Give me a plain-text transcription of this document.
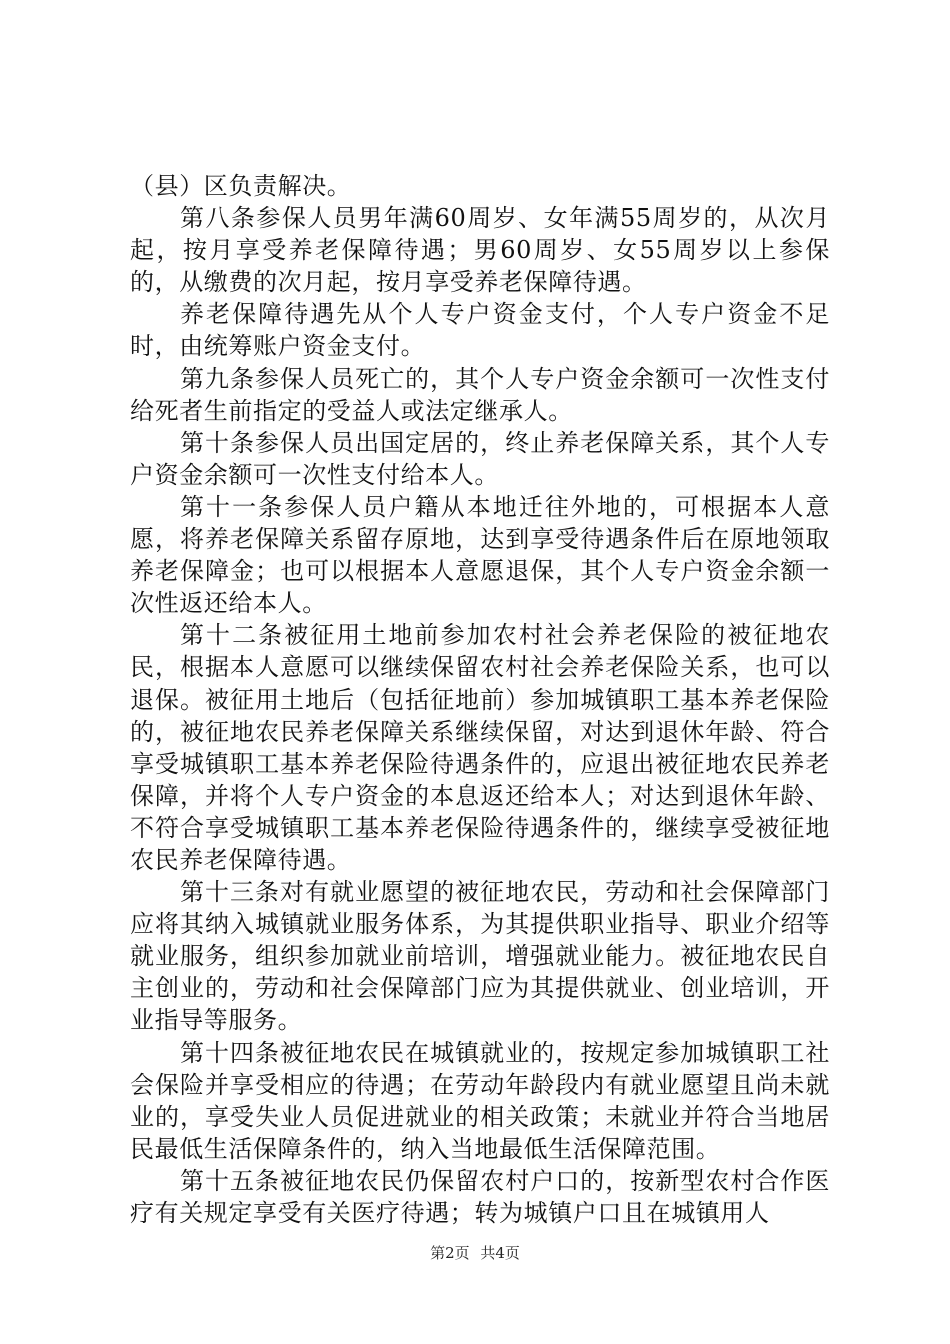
（县）区负责解决。

第八条参保人员男年满60周岁、女年满55周岁的，从次月起，按月享受养老保障待遇；男60周岁、女55周岁以上参保的，从缴费的次月起，按月享受养老保障待遇。

养老保障待遇先从个人专户资金支付，个人专户资金不足时，由统筹账户资金支付。

第九条参保人员死亡的，其个人专户资金余额可一次性支付给死者生前指定的受益人或法定继承人。

第十条参保人员出国定居的，终止养老保障关系，其个人专户资金余额可一次性支付给本人。

第十一条参保人员户籍从本地迁往外地的，可根据本人意愿，将养老保障关系留存原地，达到享受待遇条件后在原地领取养老保障金；也可以根据本人意愿退保，其个人专户资金余额一次性返还给本人。

第十二条被征用土地前参加农村社会养老保险的被征地农民，根据本人意愿可以继续保留农村社会养老保险关系，也可以退保。被征用土地后（包括征地前）参加城镇职工基本养老保险的，被征地农民养老保障关系继续保留，对达到退休年龄、符合享受城镇职工基本养老保险待遇条件的，应退出被征地农民养老保障，并将个人专户资金的本息返还给本人；对达到退休年龄、不符合享受城镇职工基本养老保险待遇条件的，继续享受被征地农民养老保障待遇。

第十三条对有就业愿望的被征地农民，劳动和社会保障部门应将其纳入城镇就业服务体系，为其提供职业指导、职业介绍等就业服务，组织参加就业前培训，增强就业能力。被征地农民自主创业的，劳动和社会保障部门应为其提供就业、创业培训，开业指导等服务。

第十四条被征地农民在城镇就业的，按规定参加城镇职工社会保险并享受相应的待遇；在劳动年龄段内有就业愿望且尚未就业的，享受失业人员促进就业的相关政策；未就业并符合当地居民最低生活保障条件的，纳入当地最低生活保障范围。

第十五条被征地农民仍保留农村户口的，按新型农村合作医疗有关规定享受有关医疗待遇；转为城镇户口且在城镇用人

第2页 共4页
